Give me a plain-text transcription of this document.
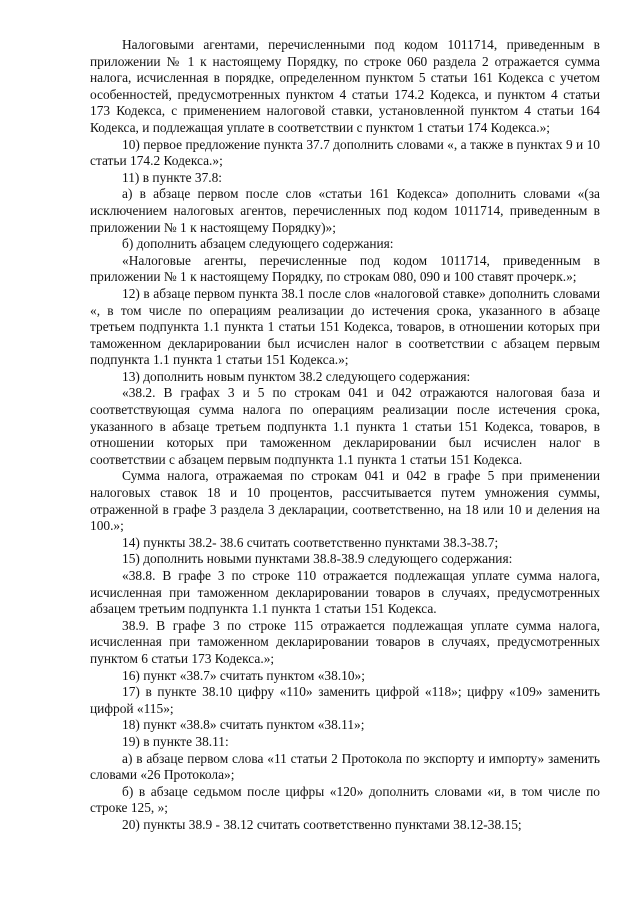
Налоговыми агентами, перечисленными под кодом 1011714, приведенным в приложении № 1 к настоящему Порядку, по строке 060 раздела 2 отражается сумма налога, исчисленная в порядке, определенном пунктом 5 статьи 161 Кодекса с учетом особенностей, предусмотренных пунктом 4 статьи 174.2 Кодекса, и пунктом 4 статьи 173 Кодекса, с применением налоговой ставки, установленной пунктом 4 статьи 164 Кодекса, и подлежащая уплате в соответствии с пунктом 1 статьи 174 Кодекса.»;

10) первое предложение пункта 37.7 дополнить словами «, а также в пунктах 9 и 10 статьи 174.2 Кодекса.»;

11) в пункте 37.8:

а) в абзаце первом после слов «статьи 161 Кодекса» дополнить словами «(за исключением налоговых агентов, перечисленных под кодом 1011714, приведенным в приложении № 1 к настоящему Порядку)»;

б) дополнить абзацем следующего содержания:

«Налоговые агенты, перечисленные под кодом 1011714, приведенным в приложении № 1 к настоящему Порядку, по строкам 080, 090 и 100 ставят прочерк.»;

12) в абзаце первом пункта 38.1 после слов «налоговой ставке» дополнить словами «, в том числе по операциям реализации до истечения срока, указанного в абзаце третьем подпункта 1.1 пункта 1 статьи 151 Кодекса, товаров, в отношении которых при таможенном декларировании был исчислен налог в соответствии с абзацем первым подпункта 1.1 пункта 1 статьи 151 Кодекса.»;

13) дополнить новым пунктом 38.2 следующего содержания:

«38.2. В графах 3 и 5 по строкам 041 и 042 отражаются налоговая база и соответствующая сумма налога по операциям реализации после истечения срока, указанного в абзаце третьем подпункта 1.1 пункта 1 статьи 151 Кодекса, товаров, в отношении которых при таможенном декларировании был исчислен налог в соответствии с абзацем первым подпункта 1.1 пункта 1 статьи 151 Кодекса.

Сумма налога, отражаемая по строкам 041 и 042 в графе 5 при применении налоговых ставок 18 и 10 процентов, рассчитывается путем умножения суммы, отраженной в графе 3 раздела 3 декларации, соответственно, на 18 или 10 и деления на 100.»;

14) пункты 38.2- 38.6 считать соответственно пунктами 38.3-38.7;

15) дополнить новыми пунктами 38.8-38.9 следующего содержания:

«38.8. В графе 3 по строке 110 отражается подлежащая уплате сумма налога, исчисленная при таможенном декларировании товаров в случаях, предусмотренных абзацем третьим подпункта 1.1 пункта 1 статьи 151 Кодекса.

38.9. В графе 3 по строке 115 отражается подлежащая уплате сумма налога, исчисленная при таможенном декларировании товаров в случаях, предусмотренных пунктом 6 статьи 173 Кодекса.»;

16) пункт «38.7» считать пунктом «38.10»;

17) в пункте 38.10 цифру «110» заменить цифрой «118»; цифру «109» заменить цифрой «115»;

18) пункт «38.8» считать пунктом «38.11»;

19) в пункте 38.11:

а) в абзаце первом слова «11 статьи 2 Протокола по экспорту и импорту» заменить словами «26 Протокола»;

б) в абзаце седьмом после цифры «120» дополнить словами «и, в том числе по строке 125, »;

20) пункты 38.9 - 38.12 считать соответственно пунктами 38.12-38.15;
